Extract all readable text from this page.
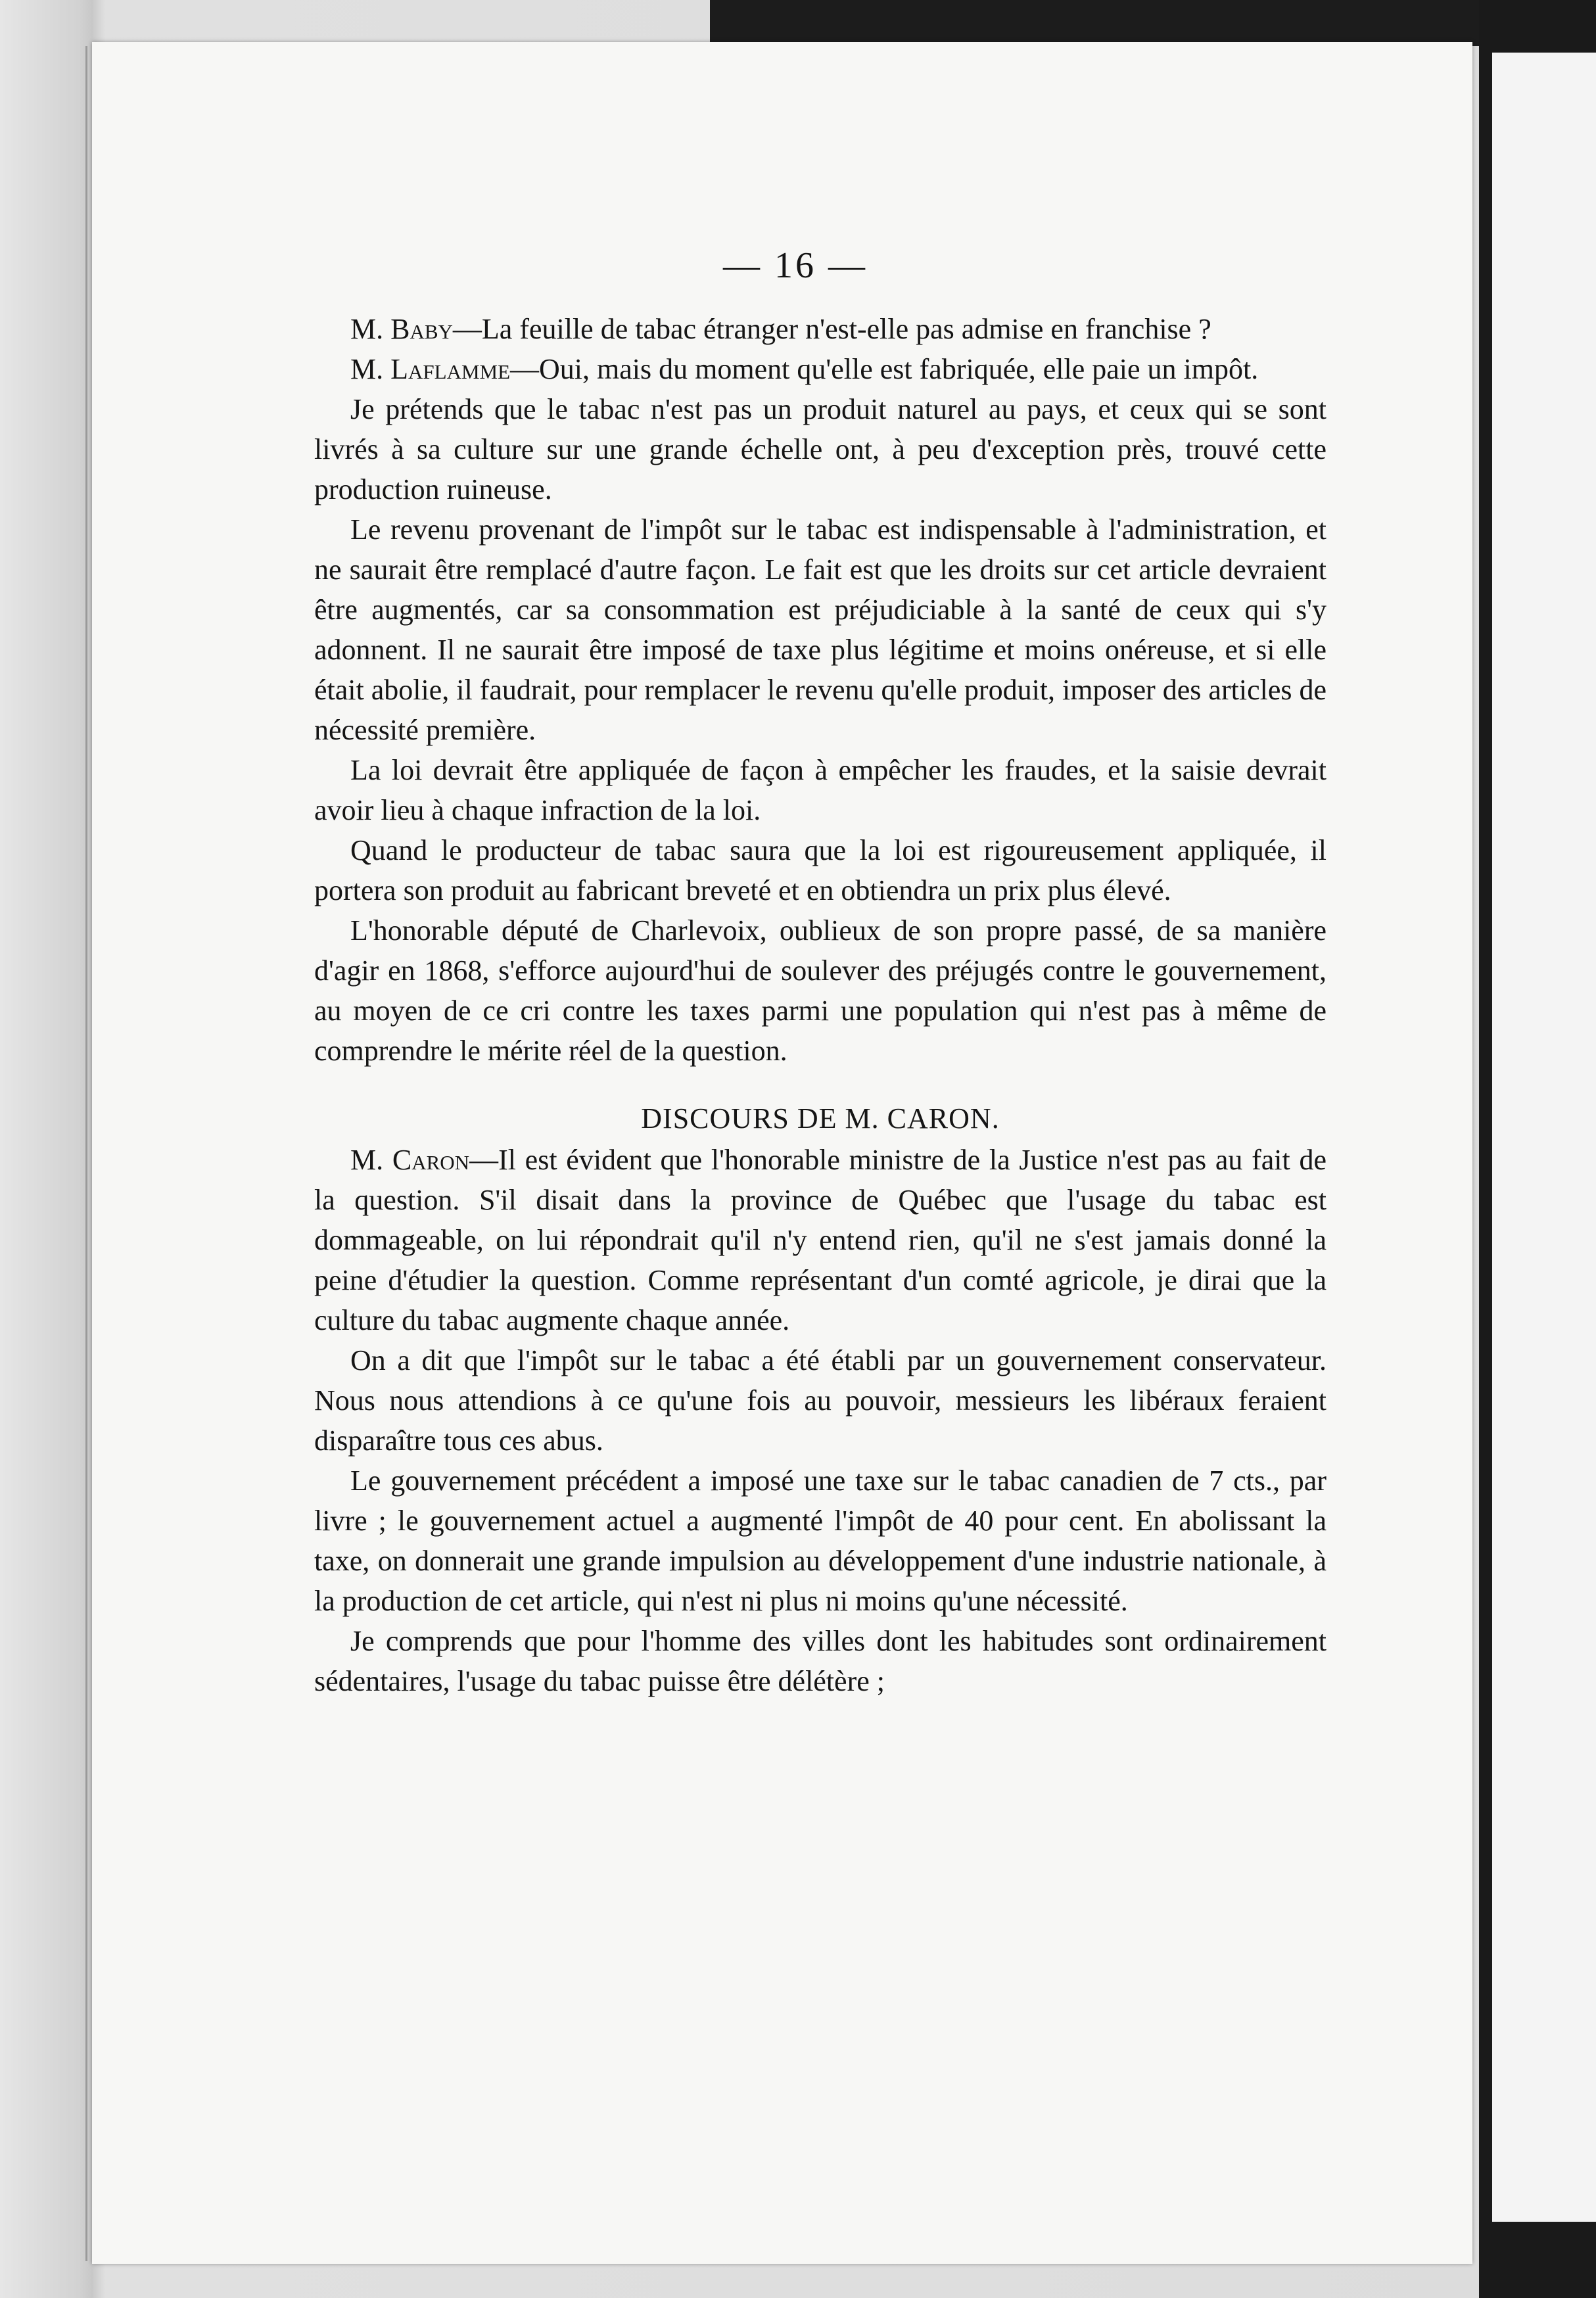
— 16 —

M. Baby—La feuille de tabac étranger n'est-elle pas admise en franchise ?

M. Laflamme—Oui, mais du moment qu'elle est fabriquée, elle paie un impôt.

Je prétends que le tabac n'est pas un produit naturel au pays, et ceux qui se sont livrés à sa culture sur une grande échelle ont, à peu d'exception près, trouvé cette production ruineuse.

Le revenu provenant de l'impôt sur le tabac est indispensable à l'administration, et ne saurait être remplacé d'autre façon. Le fait est que les droits sur cet article devraient être augmentés, car sa consommation est préjudiciable à la santé de ceux qui s'y adonnent. Il ne saurait être imposé de taxe plus légitime et moins onéreuse, et si elle était abolie, il faudrait, pour remplacer le revenu qu'elle produit, imposer des articles de nécessité première.

La loi devrait être appliquée de façon à empêcher les fraudes, et la saisie devrait avoir lieu à chaque infraction de la loi.

Quand le producteur de tabac saura que la loi est rigoureusement appliquée, il portera son produit au fabricant breveté et en obtiendra un prix plus élevé.

L'honorable député de Charlevoix, oublieux de son propre passé, de sa manière d'agir en 1868, s'efforce aujourd'hui de soulever des préjugés contre le gouvernement, au moyen de ce cri contre les taxes parmi une population qui n'est pas à même de comprendre le mérite réel de la question.

DISCOURS DE M. CARON.

M. Caron—Il est évident que l'honorable ministre de la Justice n'est pas au fait de la question. S'il disait dans la province de Québec que l'usage du tabac est dommageable, on lui répondrait qu'il n'y entend rien, qu'il ne s'est jamais donné la peine d'étudier la question. Comme représentant d'un comté agricole, je dirai que la culture du tabac augmente chaque année.

On a dit que l'impôt sur le tabac a été établi par un gouvernement conservateur. Nous nous attendions à ce qu'une fois au pouvoir, messieurs les libéraux feraient disparaître tous ces abus.

Le gouvernement précédent a imposé une taxe sur le tabac canadien de 7 cts., par livre ; le gouvernement actuel a augmenté l'impôt de 40 pour cent. En abolissant la taxe, on donnerait une grande impulsion au développement d'une industrie nationale, à la production de cet article, qui n'est ni plus ni moins qu'une nécessité.

Je comprends que pour l'homme des villes dont les habitudes sont ordinairement sédentaires, l'usage du tabac puisse être délétère ;
